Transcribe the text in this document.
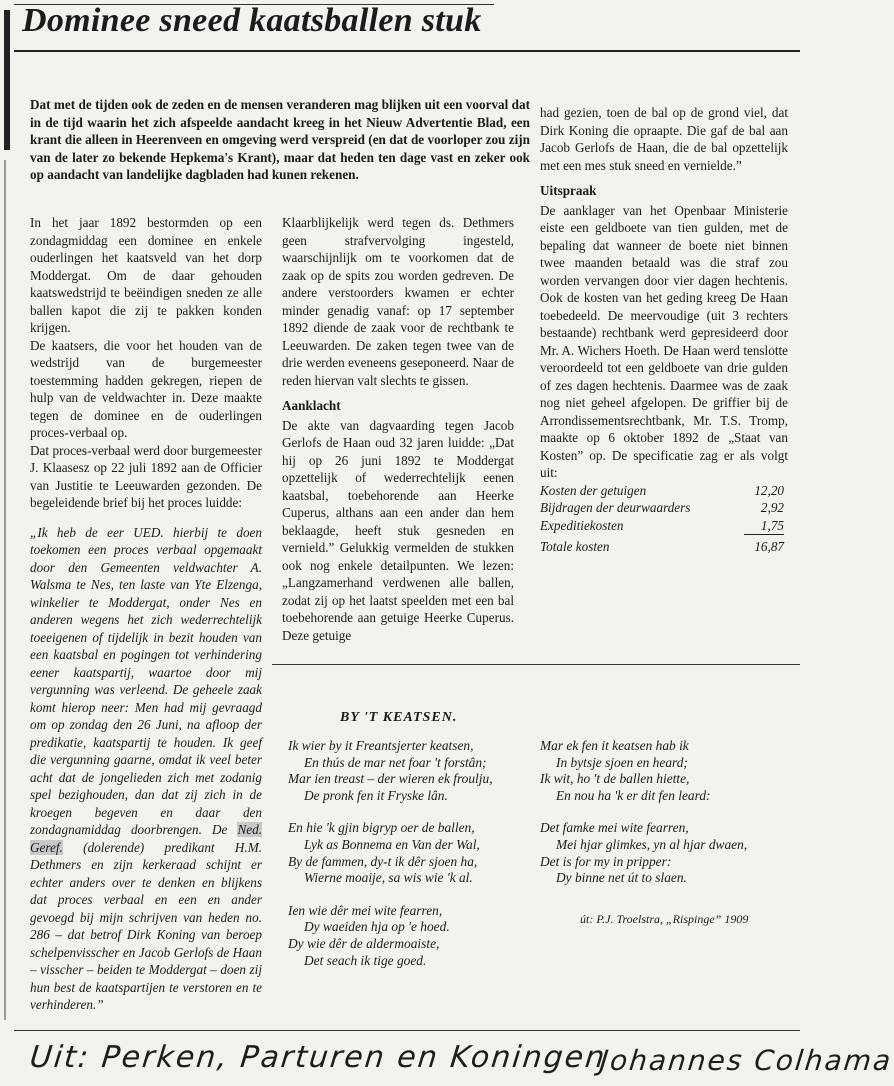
Dominee sneed kaatsballen stuk
Dat met de tijden ook de zeden en de mensen veranderen mag blijken uit een voorval dat in de tijd waarin het zich afspeelde aandacht kreeg in het Nieuw Advertentie Blad, een krant die alleen in Heerenveen en omgeving werd verspreid (en dat de voorloper zou zijn van de later zo bekende Hepkema's Krant), maar dat heden ten dage vast en zeker ook op aandacht van landelijke dagbladen had kunen rekenen.

In het jaar 1892 bestormden op een zondagmiddag een dominee en enkele ouderlingen het kaatsveld van het dorp Moddergat. Om de daar gehouden kaatswedstrijd te beëindigen sneden ze alle ballen kapot die zij te pakken konden krijgen.

De kaatsers, die voor het houden van de wedstrijd van de burgemeester toestemming hadden gekregen, riepen de hulp van de veldwachter in. Deze maakte tegen de dominee en de ouderlingen proces-verbaal op.

Dat proces-verbaal werd door burgemeester J. Klaasesz op 22 juli 1892 aan de Officier van Justitie te Leeuwarden gezonden. De begeleidende brief bij het proces luidde:

„Ik heb de eer UED. hierbij te doen toekomen een proces verbaal opgemaakt door den Gemeenten veldwachter A. Walsma te Nes, ten laste van Yte Elzenga, winkelier te Moddergat, onder Nes en anderen wegens het zich wederrechtelijk toeeigenen of tijdelijk in bezit houden van een kaatsbal en pogingen tot verhindering eener kaatspartij, waartoe door mij vergunning was verleend. De geheele zaak komt hierop neer: Men had mij gevraagd om op zondag den 26 Juni, na afloop der predikatie, kaatspartij te houden. Ik geef die vergunning gaarne, omdat ik veel beter acht dat de jongelieden zich met zodanig spel bezighouden, dan dat zij zich in de kroegen begeven en daar den zondagnamiddag doorbrengen. De Ned. Geref. (dolerende) predikant H.M. Dethmers en zijn kerkeraad schijnt er echter anders over te denken en blijkens dat proces verbaal en een en ander gevoegd bij mijn schrijven van heden no. 286 – dat betrof Dirk Koning van beroep schelpenvisscher en Jacob Gerlofs de Haan – visscher – beiden te Moddergat – doen zij hun best de kaatspartijen te verstoren en te verhinderen.”

Klaarblijkelijk werd tegen ds. Dethmers geen strafvervolging ingesteld, waarschijnlijk om te voorkomen dat de zaak op de spits zou worden gedreven. De andere verstoorders kwamen er echter minder genadig vanaf: op 17 september 1892 diende de zaak voor de rechtbank te Leeuwarden. De zaken tegen twee van de drie werden eveneens geseponeerd. Naar de reden hiervan valt slechts te gissen.

Aanklacht

De akte van dagvaarding tegen Jacob Gerlofs de Haan oud 32 jaren luidde: „Dat hij op 26 juni 1892 te Moddergat opzettelijk of wederrechtelijk eenen kaatsbal, toebehorende aan Heerke Cuperus, althans aan een ander dan hem beklaagde, heeft stuk gesneden en vernield.” Gelukkig vermelden de stukken ook nog enkele detailpunten. We lezen: „Langzamerhand verdwenen alle ballen, zodat zij op het laatst speelden met een bal toebehorende aan getuige Heerke Cuperus. Deze getuige

had gezien, toen de bal op de grond viel, dat Dirk Koning die opraapte. Die gaf de bal aan Jacob Gerlofs de Haan, die de bal opzettelijk met een mes stuk sneed en vernielde.”

Uitspraak

De aanklager van het Openbaar Ministerie eiste een geldboete van tien gulden, met de bepaling dat wanneer de boete niet binnen twee maanden betaald was die straf zou worden vervangen door vier dagen hechtenis. Ook de kosten van het geding kreeg De Haan toebedeeld. De meervoudige (uit 3 rechters bestaande) rechtbank werd gepresideerd door Mr. A. Wichers Hoeth. De Haan werd tenslotte veroordeeld tot een geldboete van drie gulden of zes dagen hechtenis. Daarmee was de zaak nog niet geheel afgelopen. De griffier bij de Arrondissementsrechtbank, Mr. T.S. Tromp, maakte op 6 oktober 1892 de „Staat van Kosten” op. De specificatie zag er als volgt uit:

Kosten der getuigen	12,20
Bijdragen der deurwaarders	2,92
Expeditiekosten	1,75
Totale kosten	16,87
BY 'T KEATSEN.
Ik wier by it Freantsjerter keatsen,
En thús de mar net foar 't forstân;
Mar ien treast – der wieren ek froulju,
De pronk fen it Fryske lân.
En hie 'k gjin bigryp oer de ballen,
Lyk as Bonnema en Van der Wal,
By de fammen, dy-t ik dêr sjoen ha,
Wierne moaije, sa wis wie 'k al.
Ien wie dêr mei wite fearren,
Dy waeiden hja op 'e hoed.
Dy wie dêr de aldermoaiste,
Det seach ik tige goed.
Mar ek fen it keatsen hab ik
In bytsje sjoen en heard;
Ik wit, ho 't de ballen hiette,
En nou ha 'k er dit fen leard:
Det famke mei wite fearren,
Mei hjar glimkes, yn al hjar dwaen,
Det is for my in pripper:
Dy binne net út to slaen.
út: P.J. Troelstra, „Rispinge” 1909
Uit: Perken, Parturen en Koningen
Johannes Colhama
